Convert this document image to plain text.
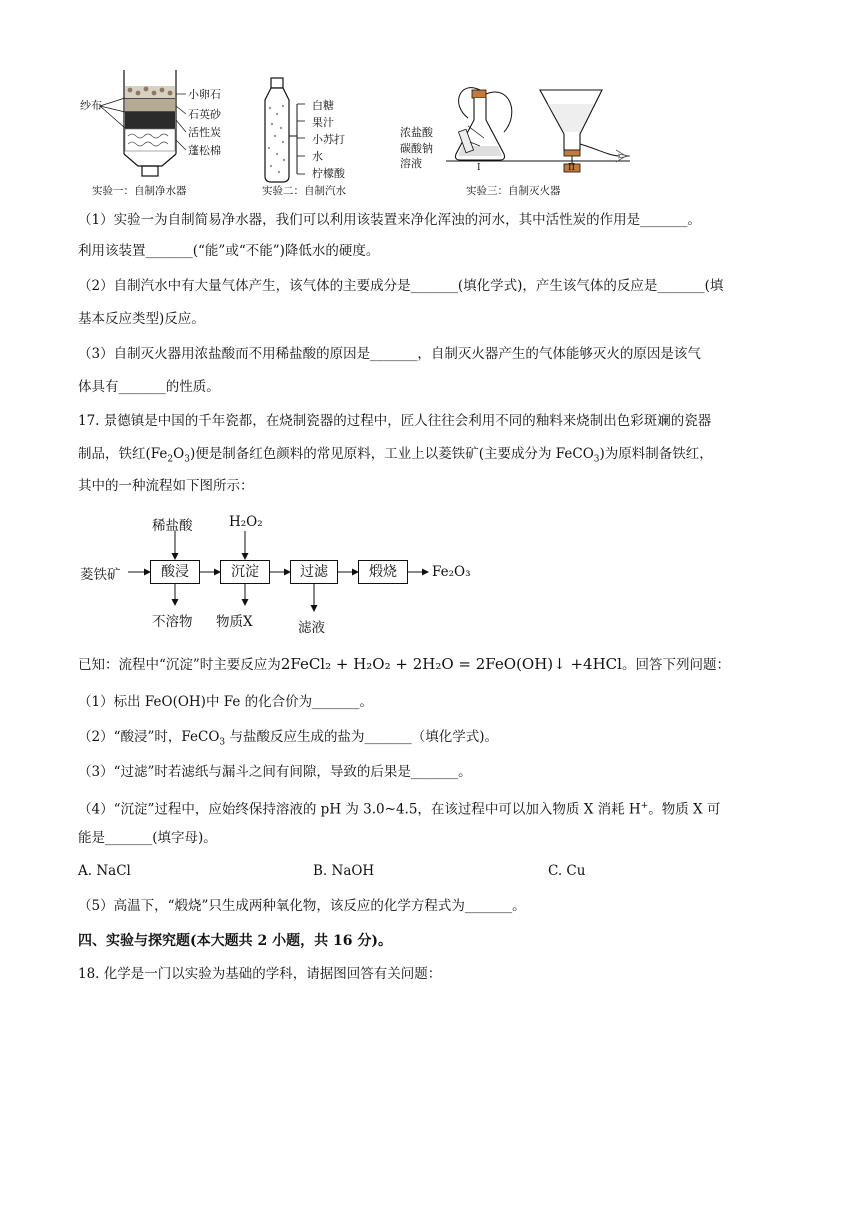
纱布
小卵石
石英砂
活性炭
蓬松棉
实验一：自制净水器
白糖
果汁
小苏打
水
柠檬酸
实验二：自制汽水
浓盐酸
碳酸钠
溶液	I	II
实验三：自制灭火器
（1）实验一为自制简易净水器，我们可以利用该装置来净化浑浊的河水，其中活性炭的作用是_______。
利用该装置_______(“能”或“不能”)降低水的硬度。
（2）自制汽水中有大量气体产生，该气体的主要成分是_______(填化学式)，产生该气体的反应是_______(填
基本反应类型)反应。
（3）自制灭火器用浓盐酸而不用稀盐酸的原因是_______，自制灭火器产生的气体能够灭火的原因是该气
体具有_______的性质。
17. 景德镇是中国的千年瓷都，在烧制瓷器的过程中，匠人往往会利用不同的釉料来烧制出色彩斑斓的瓷器
制品，铁红$(Fe_2O_3)$便是制备红色颜料的常见原料，工业上以菱铁矿(主要成分为 FeCO$_3$)为原料制备铁红，
其中的一种流程如下图所示：
菱铁矿	酸浸	沉淀	过滤	煅烧	Fe₂O₃
稀盐酸	H₂O₂
不溶物 物质X	滤液
已知：流程中“沉淀”时主要反应为2FeCl₂ + H₂O₂ + 2H₂O = 2FeO(OH)↓ +4HCl。回答下列问题：
（1）标出 FeO(OH)中 Fe 的化合价为_______。
（2）“酸浸”时，FeCO$_3$ 与盐酸反应生成的盐为_______（填化学式)。
（3）“过滤”时若滤纸与漏斗之间有间隙，导致的后果是_______。
（4）“沉淀”过程中，应始终保持溶液的 pH 为 3.0~4.5，在该过程中可以加入物质 X 消耗 H+。物质 X 可
能是_______(填字母)。
A. NaCl	B. NaOH	C. Cu
（5）高温下，“煅烧”只生成两种氧化物，该反应的化学方程式为_______。
四、实验与探究题(本大题共 2 小题，共 16 分)。
18. 化学是一门以实验为基础的学科，请据图回答有关问题：
